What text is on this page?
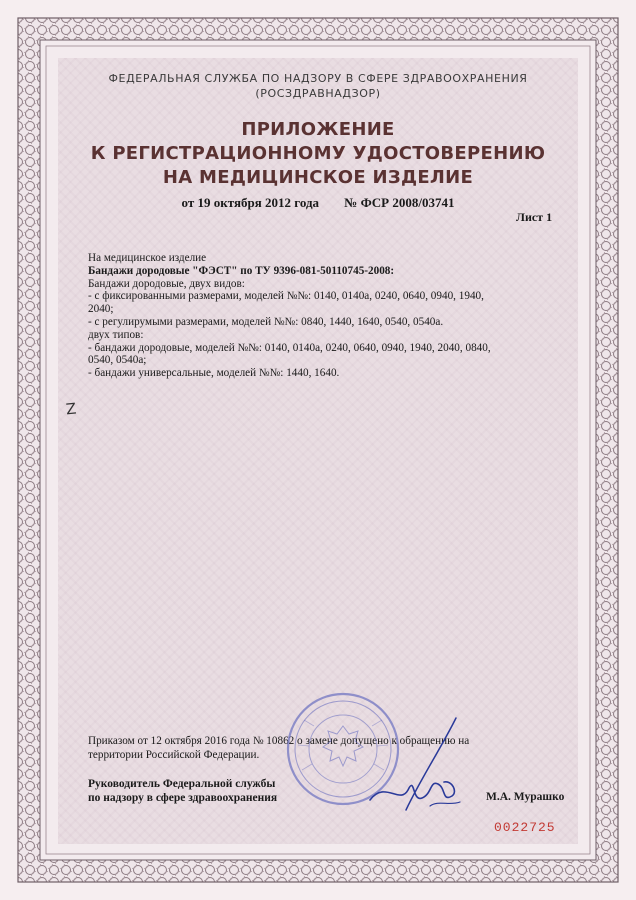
ФЕДЕРАЛЬНАЯ СЛУЖБА ПО НАДЗОРУ В СФЕРЕ ЗДРАВООХРАНЕНИЯ
(РОСЗДРАВНАДЗОР)
ПРИЛОЖЕНИЕ
К РЕГИСТРАЦИОННОМУ УДОСТОВЕРЕНИЮ
НА МЕДИЦИНСКОЕ ИЗДЕЛИЕ
от 19 октября 2012 года № ФСР 2008/03741
Лист 1
На медицинское изделие
Бандажи дородовые "ФЭСТ" по ТУ 9396-081-50110745-2008:
Бандажи дородовые, двух видов:
- с фиксированными размерами, моделей №№: 0140, 0140а, 0240, 0640, 0940, 1940,
2040;
- с регулирумыми размерами, моделей №№: 0840, 1440, 1640, 0540, 0540а.
двух типов:
- бандажи дородовые, моделей №№: 0140, 0140а, 0240, 0640, 0940, 1940, 2040, 0840,
0540, 0540а;
- бандажи универсальные, моделей №№: 1440, 1640.
Z
Приказом от 12 октября 2016 года № 10862 о замене допущено к обращению на
территории Российской Федерации.
Руководитель Федеральной службы
по надзору в сфере здравоохранения	М.А. Мурашко
0022725
